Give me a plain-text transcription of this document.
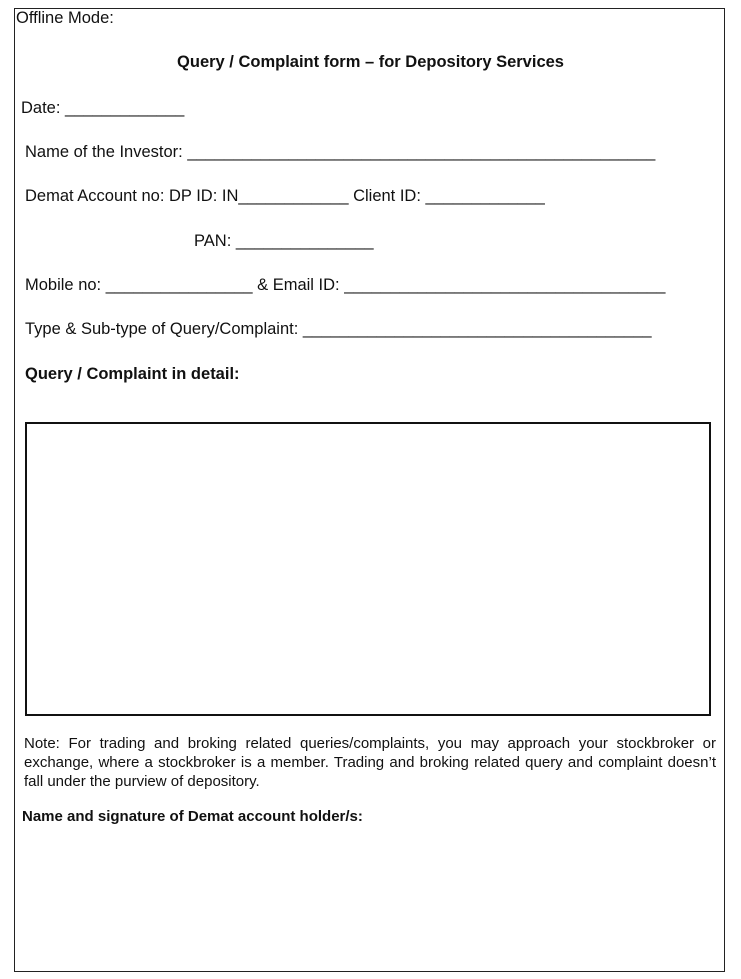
Offline Mode:
Query / Complaint form – for Depository Services
Date: _____________
Name of the Investor: ___________________________________________________
Demat Account no: DP ID: IN____________ Client ID: _____________
PAN: _______________
Mobile no: ________________ & Email ID: ___________________________________
Type & Sub-type of Query/Complaint: ______________________________________
Query / Complaint in detail:
Note: For trading and broking related queries/complaints, you may approach your stockbroker or exchange, where a stockbroker is a member. Trading and broking related query and complaint doesn’t fall under the purview of depository.
Name and signature of Demat account holder/s:
